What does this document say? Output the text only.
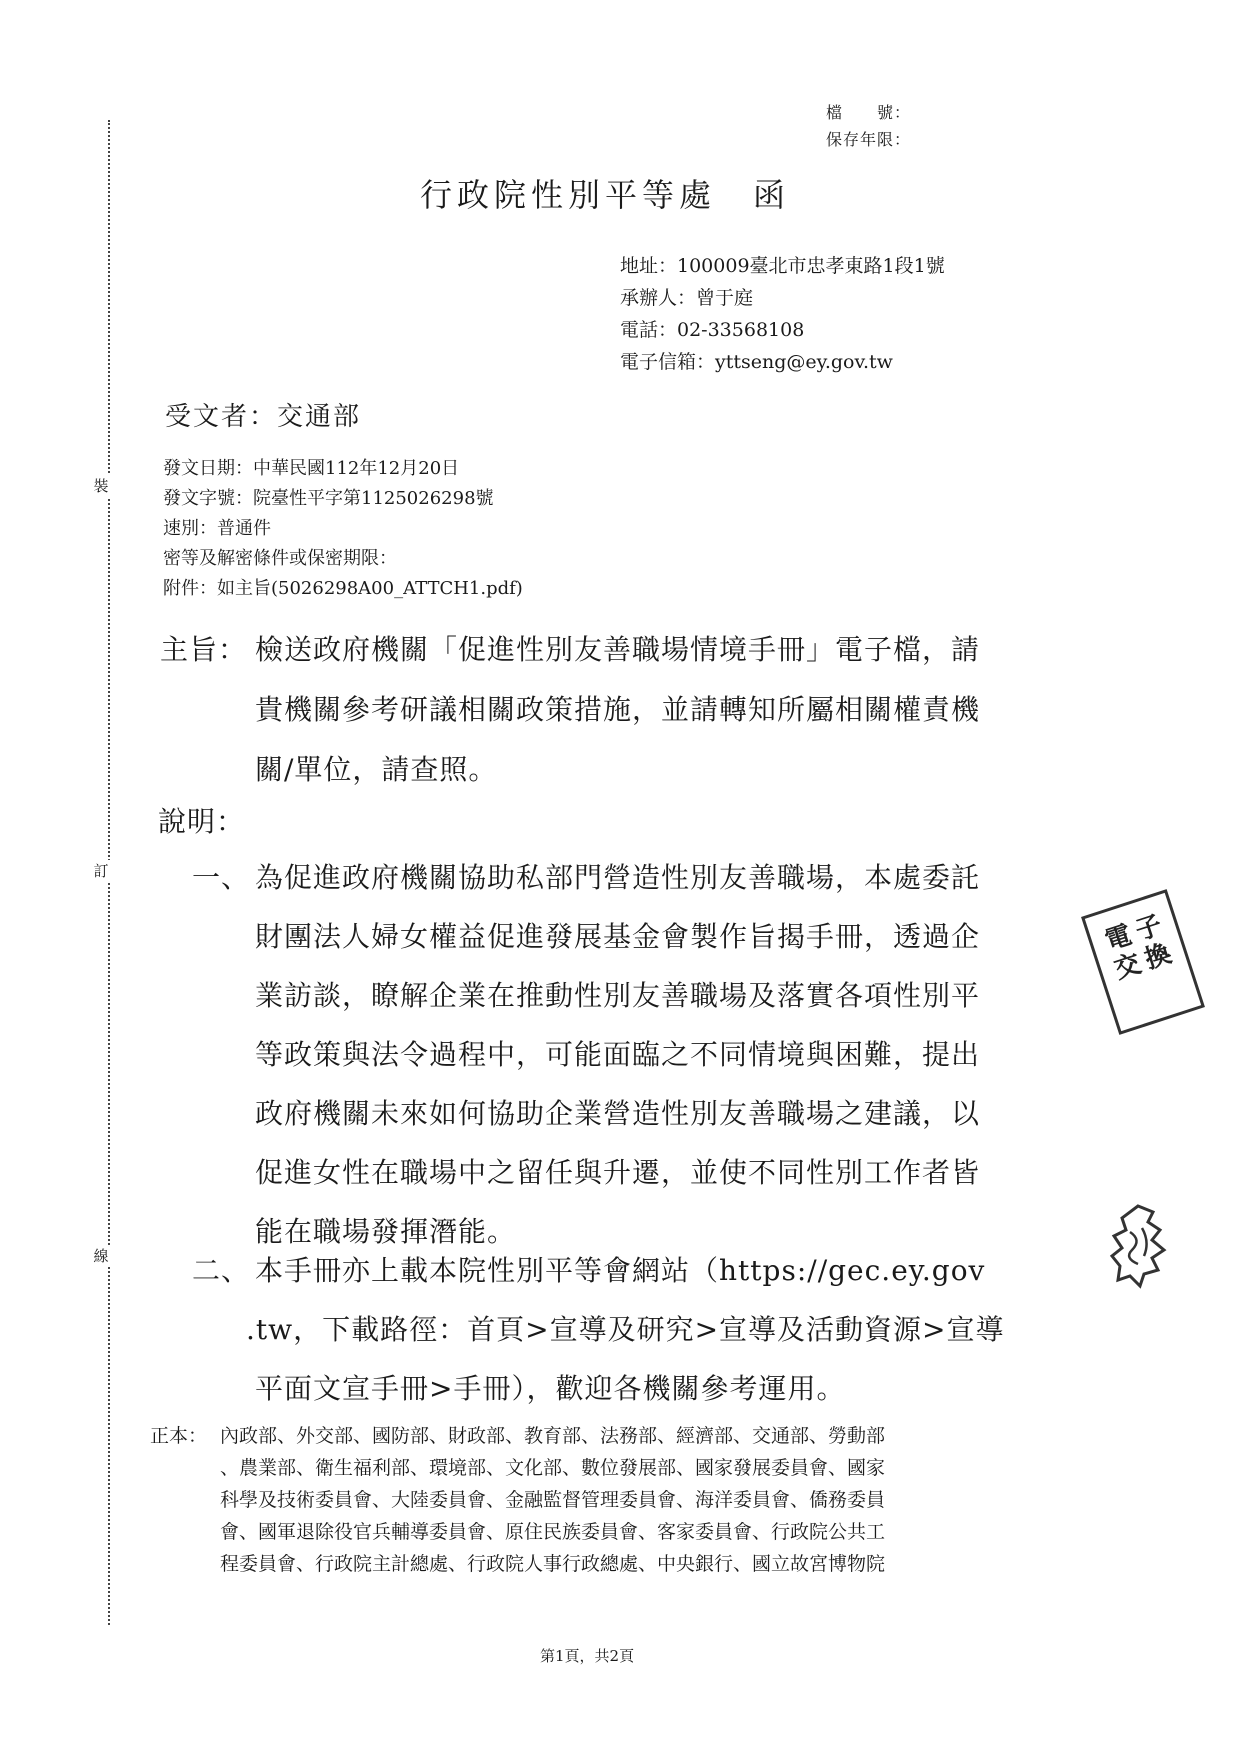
裝
訂
線
檔　　號：
保存年限：
行政院性別平等處　函
地址：100009臺北市忠孝東路1段1號
承辦人：曾于庭
電話：02-33568108
電子信箱：yttseng@ey.gov.tw
受文者：交通部
發文日期：中華民國112年12月20日
發文字號：院臺性平字第1125026298號
速別：普通件
密等及解密條件或保密期限：
附件：如主旨(5026298A00_ATTCH1.pdf)
主旨： 檢送政府機關「促進性別友善職場情境手冊」電子檔，請
貴機關參考研議相關政策措施，並請轉知所屬相關權責機
關/單位，請查照。
說明：
一、 為促進政府機關協助私部門營造性別友善職場，本處委託
財團法人婦女權益促進發展基金會製作旨揭手冊，透過企
業訪談，瞭解企業在推動性別友善職場及落實各項性別平
等政策與法令過程中，可能面臨之不同情境與困難，提出
政府機關未來如何協助企業營造性別友善職場之建議，以
促進女性在職場中之留任與升遷，並使不同性別工作者皆
能在職場發揮潛能。
二、 本手冊亦上載本院性別平等會網站（https://gec.ey.gov
.tw，下載路徑：首頁>宣導及研究>宣導及活動資源>宣導
平面文宣手冊>手冊），歡迎各機關參考運用。
正本： 內政部、外交部、國防部、財政部、教育部、法務部、經濟部、交通部、勞動部
、農業部、衛生福利部、環境部、文化部、數位發展部、國家發展委員會、國家
科學及技術委員會、大陸委員會、金融監督管理委員會、海洋委員會、僑務委員
會、國軍退除役官兵輔導委員會、原住民族委員會、客家委員會、行政院公共工
程委員會、行政院主計總處、行政院人事行政總處、中央銀行、國立故宮博物院
電
子
交
換
第1頁，共2頁
